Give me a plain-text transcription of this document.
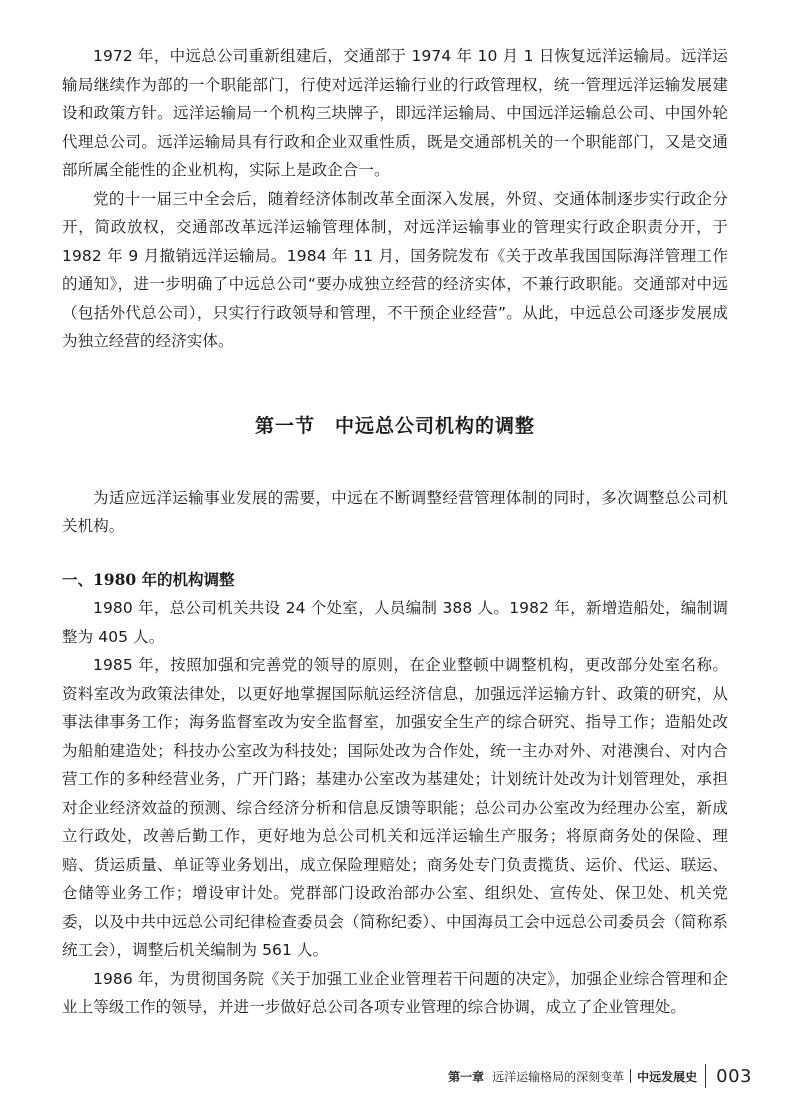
1972 年，中远总公司重新组建后，交通部于 1974 年 10 月 1 日恢复远洋运输局。远洋运输局继续作为部的一个职能部门，行使对远洋运输行业的行政管理权，统一管理远洋运输发展建设和政策方针。远洋运输局一个机构三块牌子，即远洋运输局、中国远洋运输总公司、中国外轮代理总公司。远洋运输局具有行政和企业双重性质，既是交通部机关的一个职能部门，又是交通部所属全能性的企业机构，实际上是政企合一。

党的十一届三中全会后，随着经济体制改革全面深入发展，外贸、交通体制逐步实行政企分开，简政放权，交通部改革远洋运输管理体制，对远洋运输事业的管理实行政企职责分开，于 1982 年 9 月撤销远洋运输局。1984 年 11 月，国务院发布《关于改革我国国际海洋管理工作的通知》，进一步明确了中远总公司“要办成独立经营的经济实体，不兼行政职能。交通部对中远（包括外代总公司），只实行行政领导和管理，不干预企业经营”。从此，中远总公司逐步发展成为独立经营的经济实体。

第一节 中远总公司机构的调整

为适应远洋运输事业发展的需要，中远在不断调整经营管理体制的同时，多次调整总公司机关机构。

一、1980 年的机构调整

1980 年，总公司机关共设 24 个处室，人员编制 388 人。1982 年，新增造船处，编制调整为 405 人。

1985 年，按照加强和完善党的领导的原则，在企业整顿中调整机构，更改部分处室名称。资料室改为政策法律处，以更好地掌握国际航运经济信息，加强远洋运输方针、政策的研究，从事法律事务工作；海务监督室改为安全监督室，加强安全生产的综合研究、指导工作；造船处改为船舶建造处；科技办公室改为科技处；国际处改为合作处，统一主办对外、对港澳台、对内合营工作的多种经营业务，广开门路；基建办公室改为基建处；计划统计处改为计划管理处，承担对企业经济效益的预测、综合经济分析和信息反馈等职能；总公司办公室改为经理办公室，新成立行政处，改善后勤工作，更好地为总公司机关和远洋运输生产服务；将原商务处的保险、理赔、货运质量、单证等业务划出，成立保险理赔处；商务处专门负责揽货、运价、代运、联运、仓储等业务工作；增设审计处。党群部门设政治部办公室、组织处、宣传处、保卫处、机关党委，以及中共中远总公司纪律检查委员会（简称纪委）、中国海员工会中远总公司委员会（简称系统工会），调整后机关编制为 561 人。

1986 年，为贯彻国务院《关于加强工业企业管理若干问题的决定》，加强企业综合管理和企业上等级工作的领导，并进一步做好总公司各项专业管理的综合协调，成立了企业管理处。

第一章 远洋运输格局的深刻变革 中远发展史 003
